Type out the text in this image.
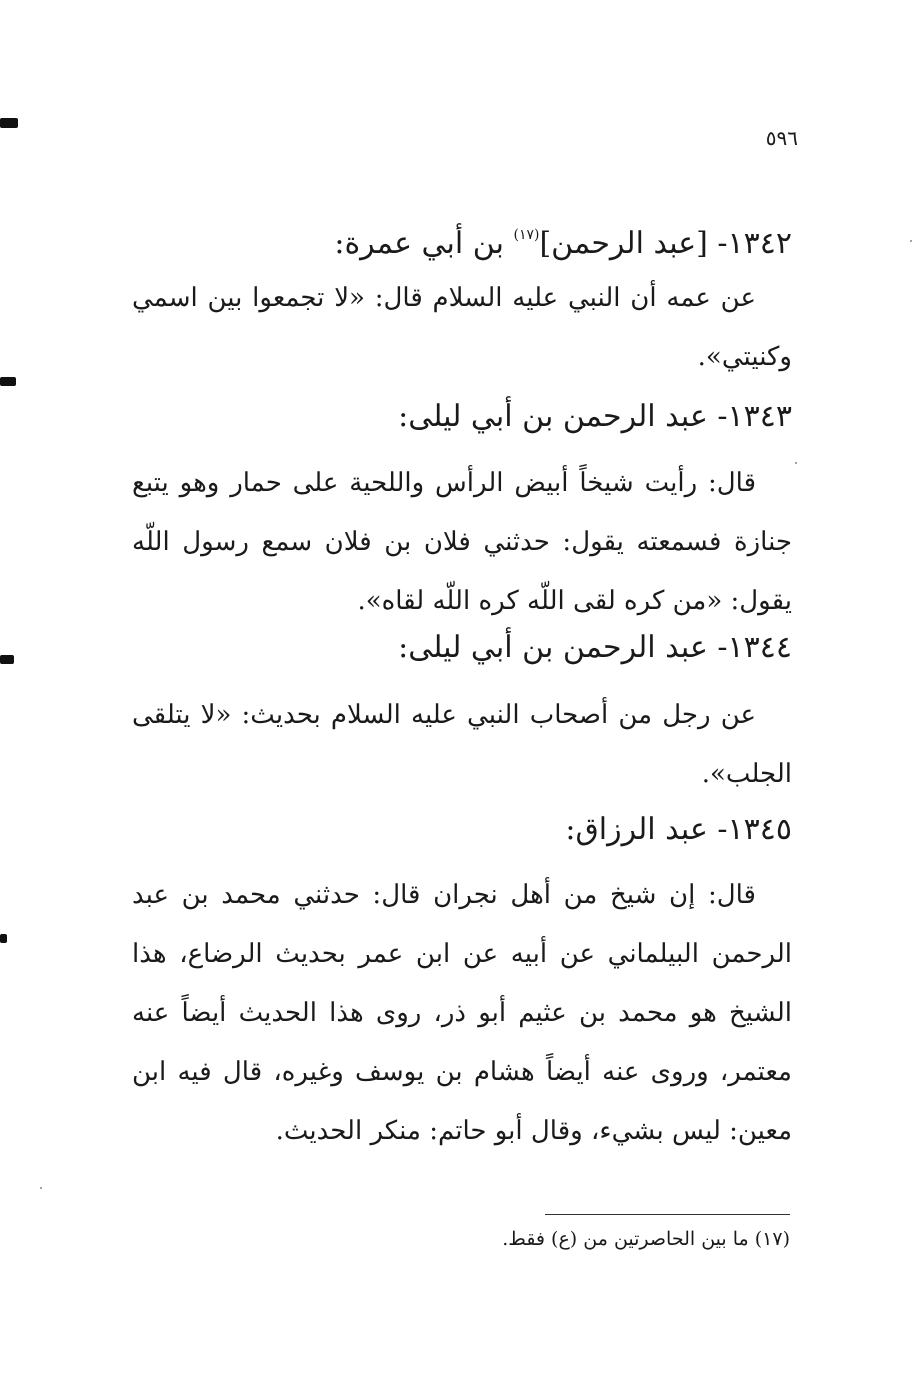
٥٩٦
١٣٤٢- [عبد الرحمن]$^{(١٧)}$ بن أبي عمرة:
عن عمه أن النبي عليه السلام قال: «لا تجمعوا بين اسمي وكنيتي».
١٣٤٣- عبد الرحمن بن أبي ليلى:
قال: رأيت شيخاً أبيض الرأس واللحية على حمار وهو يتبع جنازة فسمعته يقول: حدثني فلان بن فلان سمع رسول اللّه يقول: «من كره لقى اللّه كره اللّه لقاه».
١٣٤٤- عبد الرحمن بن أبي ليلى:
عن رجل من أصحاب النبي عليه السلام بحديث: «لا يتلقى الجلب».
١٣٤٥- عبد الرزاق:
قال: إن شيخ من أهل نجران قال: حدثني محمد بن عبد الرحمن البيلماني عن أبيه عن ابن عمر بحديث الرضاع، هذا الشيخ هو محمد بن عثيم أبو ذر، روى هذا الحديث أيضاً عنه معتمر، وروى عنه أيضاً هشام بن يوسف وغيره، قال فيه ابن معين: ليس بشيء، وقال أبو حاتم: منكر الحديث.
(١٧) ما بين الحاصرتين من (ع) فقط.
